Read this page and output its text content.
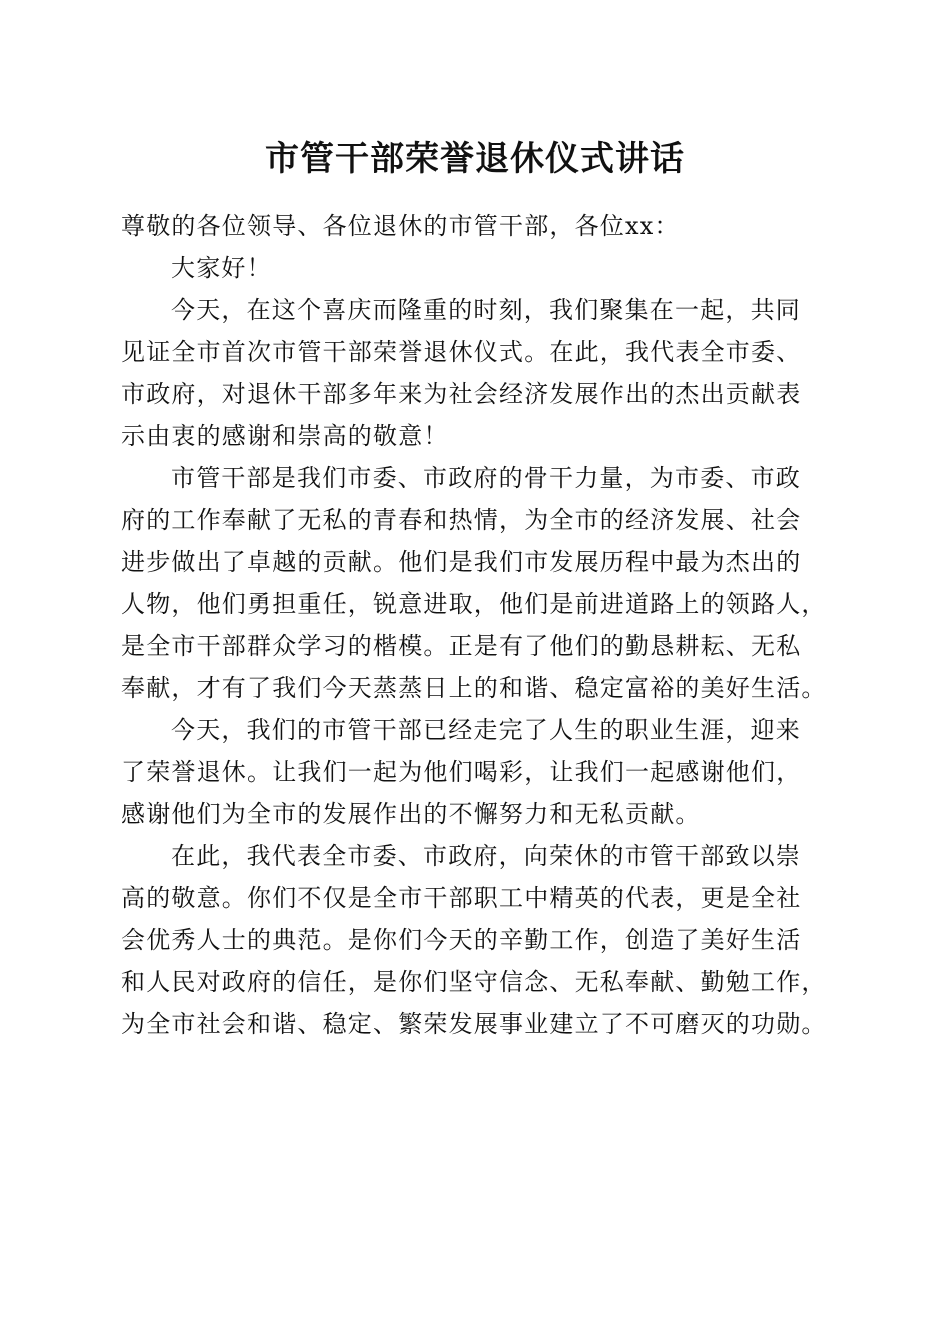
市管干部荣誉退休仪式讲话

尊敬的各位领导、各位退休的市管干部，各位xx：

大家好！

今天，在这个喜庆而隆重的时刻，我们聚集在一起，共同

见证全市首次市管干部荣誉退休仪式。在此，我代表全市委、

市政府，对退休干部多年来为社会经济发展作出的杰出贡献表

示由衷的感谢和崇高的敬意！

市管干部是我们市委、市政府的骨干力量，为市委、市政

府的工作奉献了无私的青春和热情，为全市的经济发展、社会

进步做出了卓越的贡献。他们是我们市发展历程中最为杰出的

人物，他们勇担重任，锐意进取，他们是前进道路上的领路人，

是全市干部群众学习的楷模。正是有了他们的勤恳耕耘、无私

奉献，才有了我们今天蒸蒸日上的和谐、稳定富裕的美好生活。

今天，我们的市管干部已经走完了人生的职业生涯，迎来

了荣誉退休。让我们一起为他们喝彩，让我们一起感谢他们，

感谢他们为全市的发展作出的不懈努力和无私贡献。

在此，我代表全市委、市政府，向荣休的市管干部致以崇

高的敬意。你们不仅是全市干部职工中精英的代表，更是全社

会优秀人士的典范。是你们今天的辛勤工作，创造了美好生活

和人民对政府的信任，是你们坚守信念、无私奉献、勤勉工作，

为全市社会和谐、稳定、繁荣发展事业建立了不可磨灭的功勋。
